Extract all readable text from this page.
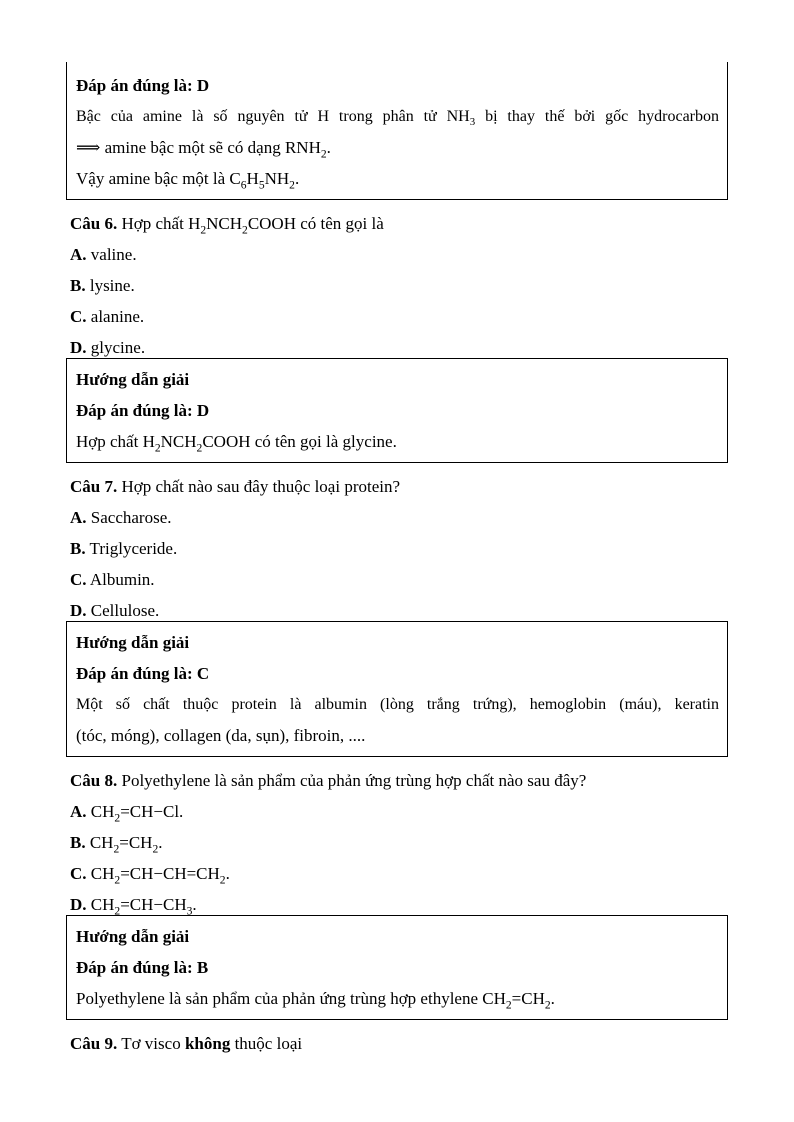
Đáp án đúng là: D
Bậc của amine là số nguyên tử H trong phân tử $NH_3$ bị thay thế bởi gốc hydrocarbon
⟹ amine bậc một sẽ có dạng $RNH_2$.
Vậy amine bậc một là $C_6H_5NH_2$.
Câu 6. Hợp chất $H_2NCH_2COOH$ có tên gọi là
A. valine.
B. lysine.
C. alanine.
D. glycine.
Hướng dẫn giải
Đáp án đúng là: D
Hợp chất $H_2NCH_2COOH$ có tên gọi là glycine.
Câu 7. Hợp chất nào sau đây thuộc loại protein?
A. Saccharose.
B. Triglyceride.
C. Albumin.
D. Cellulose.
Hướng dẫn giải
Đáp án đúng là: C
Một số chất thuộc protein là albumin (lòng trắng trứng), hemoglobin (máu), keratin
(tóc, móng), collagen (da, sụn), fibroin, ....
Câu 8. Polyethylene là sản phẩm của phản ứng trùng hợp chất nào sau đây?
A. $CH_2=CH-Cl$.
B. $CH_2=CH_2$.
C. $CH_2=CH-CH=CH_2$.
D. $CH_2=CH-CH_3$.
Hướng dẫn giải
Đáp án đúng là: B
Polyethylene là sản phẩm của phản ứng trùng hợp ethylene $CH_2=CH_2$.
Câu 9. Tơ visco không thuộc loại
